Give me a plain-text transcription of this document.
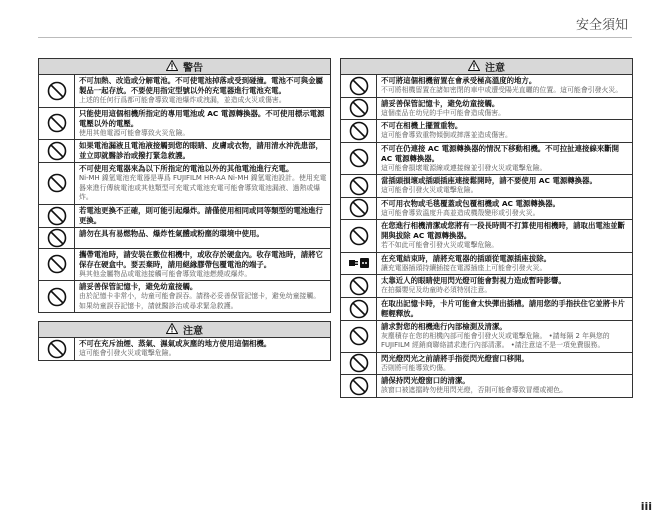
安全須知
警告
不可加熱、改造或分解電池。不可使電池掉落或受到碰撞。電池不可與金屬製品一起存放。不要使用指定型號以外的充電器進行電池充電。
上述的任何行爲都可能會導致電池爆炸或洩漏，並造成火災或傷害。
只能使用這個相機所指定的專用電池或 AC 電源轉換器。不可使用標示電源電壓以外的電壓。
使用其他電源可能會導致火災危險。
如果電池漏液且電池液接觸到您的眼睛、皮膚或衣物，請用清水沖洗患部，並立即就醫診治或撥打緊急救護。
不可使用充電器來為以下所指定的電池以外的其他電池進行充電。
Ni-MH 鎳氫電池充電器是專爲 FUJIFILM HR-AA Ni-MH 鎳氫電池設計。使用充電器來進行傳統電池或其他類型可充電式電池充電可能會導致電池漏液、過熱或爆炸。
若電池更換不正確，則可能引起爆炸。請僅使用相同或同等類型的電池進行更換。
請勿在具有易燃物品、爆炸性氣體或粉塵的環境中使用。
攜帶電池時，請安裝在數位相機中，或收存於硬盒內。收存電池時，請將它保存在硬盒中。要丟棄時，請用絕緣膠帶包覆電池的端子。
與其他金屬物品或電池接觸可能會導致電池燃燒或爆炸。
請妥善保管記憶卡，避免幼童接觸。
由於記憶卡非常小，幼童可能會誤吞。請務必妥善保管記憶卡，避免幼童接觸。如果幼童誤吞記憶卡，請就醫診治或尋求緊急救護。
注意
不可在充斥油煙、蒸氣、濕氣或灰塵的地方使用這個相機。
這可能會引發火災或電擊危險。
注意
不可將這個相機留置在會承受極高溫度的地方。
不可將相機留置在諸如密閉的車中或遭受陽光直曬的位置。這可能會引發火災。
請妥善保管記憶卡，避免幼童接觸。
這個產品在幼兒的手中可能會造成傷害。
不可在相機上擺置重物。
這可能會導致重物傾倒或摔落並造成傷害。
不可在仍連接 AC 電源轉換器的情況下移動相機。不可拉扯連接線來斷開 AC 電源轉換器。
這可能會損壞電源線或連接線並引發火災或電擊危險。
當插頭損壞或插頭插座連接鬆開時，請不要使用 AC 電源轉換器。
這可能會引發火災或電擊危險。
不可用衣物或毛毯覆蓋或包覆相機或 AC 電源轉換器。
這可能會導致溫度升高並造成機殼變形或引發火災。
在您進行相機清潔或您將有一段長時間不打算使用相機時，請取出電池並斷開與拔除 AC 電源轉換器。
若不如此可能會引發火災或電擊危險。
在充電結束時，請將充電器的插頭從電源插座拔除。
讓充電器插頭持續插接在電源插座上可能會引發火災。
太靠近人的眼睛使用閃光燈可能會對視力造成暫時影響。
在拍攝嬰兒及幼童時必須特別注意。
在取出記憶卡時，卡片可能會太快彈出插槽。請用您的手指扶住它並將卡片輕輕釋放。
請求對您的相機進行內部檢測及清潔。
灰塵積存在您的相機內部可能會引發火災或電擊危險。 •請每隔 2 年與您的 FUJIFILM 經銷商聯絡請求進行內部清潔。 •請注意這不是一項免費服務。
閃光燈閃光之前請將手指從閃光燈窗口移開。
否則將可能導致灼傷。
請保持閃光燈窗口的清潔。
該窗口被遮擋時勿使用閃光燈，否則可能會導致冒煙或褪色。
iii
